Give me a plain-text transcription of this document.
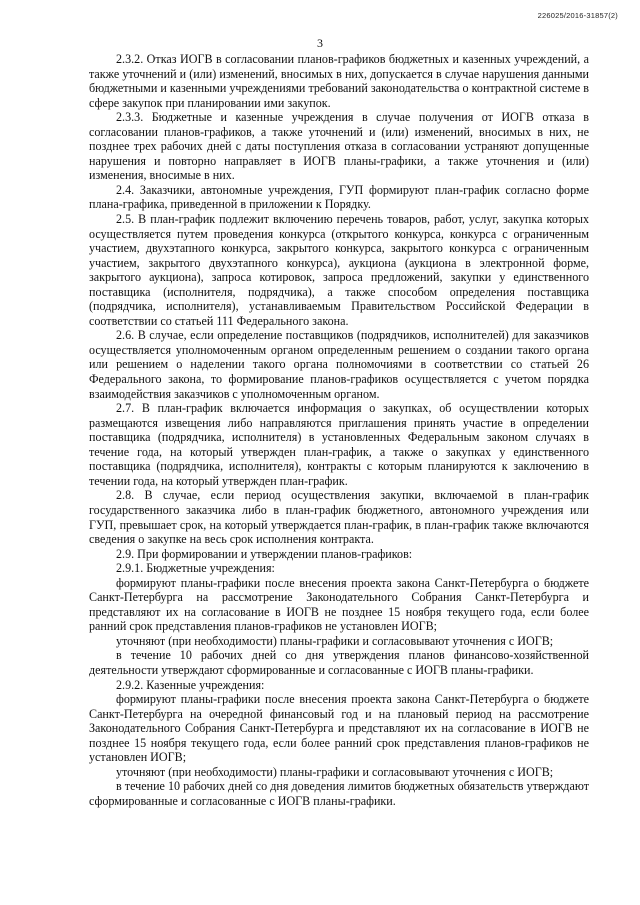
226025/2016-31857(2)
3

2.3.2. Отказ ИОГВ в согласовании планов-графиков бюджетных и казенных учреждений, а также уточнений и (или) изменений, вносимых в них, допускается в случае нарушения данными бюджетными и казенными учреждениями требований законодательства о контрактной системе в сфере закупок при планировании ими закупок.

2.3.3. Бюджетные и казенные учреждения в случае получения от ИОГВ отказа в согласовании планов-графиков, а также уточнений и (или) изменений, вносимых в них, не позднее трех рабочих дней с даты поступления отказа в согласовании устраняют допущенные нарушения и повторно направляет в ИОГВ планы-графики, а также уточнения и (или) изменения, вносимые в них.

2.4. Заказчики, автономные учреждения, ГУП формируют план-график согласно форме плана-графика, приведенной в приложении к Порядку.

2.5. В план-график подлежит включению перечень товаров, работ, услуг, закупка которых осуществляется путем проведения конкурса (открытого конкурса, конкурса с ограниченным участием, двухэтапного конкурса, закрытого конкурса, закрытого конкурса с ограниченным участием, закрытого двухэтапного конкурса), аукциона (аукциона в электронной форме, закрытого аукциона), запроса котировок, запроса предложений, закупки у единственного поставщика (исполнителя, подрядчика), а также способом определения поставщика (подрядчика, исполнителя), устанавливаемым Правительством Российской Федерации в соответствии со статьей 111 Федерального закона.

2.6. В случае, если определение поставщиков (подрядчиков, исполнителей) для заказчиков осуществляется уполномоченным органом определенным решением о создании такого органа или решением о наделении такого органа полномочиями в соответствии со статьей 26 Федерального закона, то формирование планов-графиков осуществляется с учетом порядка взаимодействия заказчиков с уполномоченным органом.

2.7. В план-график включается информация о закупках, об осуществлении которых размещаются извещения либо направляются приглашения принять участие в определении поставщика (подрядчика, исполнителя) в установленных Федеральным законом случаях в течение года, на который утвержден план-график, а также о закупках у единственного поставщика (подрядчика, исполнителя), контракты с которым планируются к заключению в течении года, на который утвержден план-график.

2.8. В случае, если период осуществления закупки, включаемой в план-график государственного заказчика либо в план-график бюджетного, автономного учреждения или ГУП, превышает срок, на который утверждается план-график, в план-график также включаются сведения о закупке на весь срок исполнения контракта.

2.9. При формировании и утверждении планов-графиков:

2.9.1. Бюджетные учреждения:

формируют планы-графики после внесения проекта закона Санкт-Петербурга о бюджете Санкт-Петербурга на рассмотрение Законодательного Собрания Санкт-Петербурга и представляют их на согласование в ИОГВ не позднее 15 ноября текущего года, если более ранний срок представления планов-графиков не установлен ИОГВ;

уточняют (при необходимости) планы-графики и согласовывают уточнения с ИОГВ;

в течение 10 рабочих дней со дня утверждения планов финансово-хозяйственной деятельности утверждают сформированные и согласованные с ИОГВ планы-графики.

2.9.2. Казенные учреждения:

формируют планы-графики после внесения проекта закона Санкт-Петербурга о бюджете Санкт-Петербурга на очередной финансовый год и на плановый период на рассмотрение Законодательного Собрания Санкт-Петербурга и представляют их на согласование в ИОГВ не позднее 15 ноября текущего года, если более ранний срок представления планов-графиков не установлен ИОГВ;

уточняют (при необходимости) планы-графики и согласовывают уточнения с ИОГВ;

в течение 10 рабочих дней со дня доведения лимитов бюджетных обязательств утверждают сформированные и согласованные с ИОГВ планы-графики.
